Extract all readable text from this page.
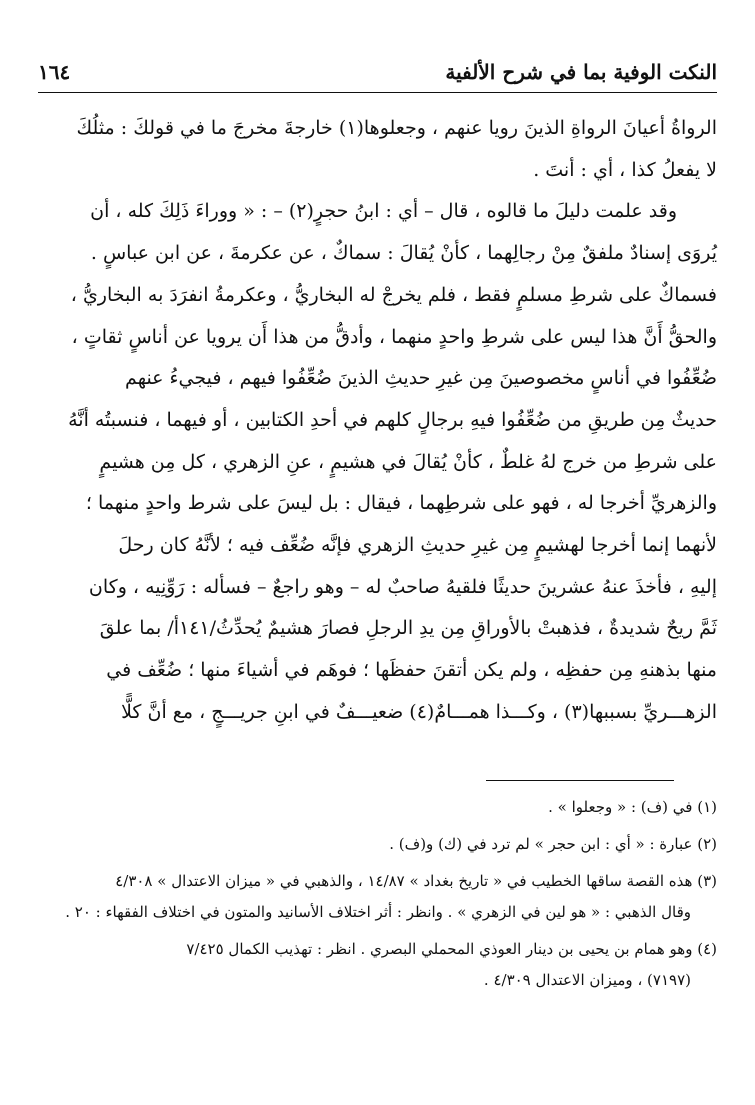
النكت الوفية بما في شرح الألفية
١٦٤

الرواةُ أعيانَ الرواةِ الذينَ رويا عنهم ، وجعلوها(١) خارجةَ مخرجَ ما في قولكَ : مثلُكَ

لا يفعلُ كذا ، أي : أنتَ .

وقد علمت دليلَ ما قالوه ، قال – أي : ابنُ حجرٍ(٢) – : « ووراءَ ذَلِكَ كله ، أن

يُروَى إسنادٌ ملفقٌ مِنْ رجالِهما ، كأنْ يُقالَ : سماكٌ ، عن عكرمةَ ، عن ابن عباسٍ .

فسماكٌ على شرطِ مسلمٍ فقط ، فلم يخرجْ له البخاريُّ ، وعكرمةُ انفرَدَ به البخاريُّ ،

والحقُّ أَنَّ هذا ليس على شرطِ واحدٍ منهما ، وأدقُّ من هذا أَن يرويا عن أناسٍ ثقاتٍ ،

ضُعِّفُوا في أناسٍ مخصوصينَ مِن غيرِ حديثِ الذينَ ضُعِّفُوا فيهم ، فيجيءُ عنهم

حديثٌ مِن طريقِ من ضُعِّفُوا فيهِ برجالٍ كلهم في أحدِ الكتابين ، أو فيهما ، فنسبتُه أنَّهُ

على شرطِ من خرج لهُ غلطٌ ، كأنْ يُقالَ في هشيمٍ ، عنِ الزهري ، كل مِن هشيمٍ

والزهريِّ أخرجا له ، فهو على شرطِهما ، فيقال : بل ليسَ على شرط واحدٍ منهما ؛

لأنهما إنما أخرجا لهشيمٍ مِن غيرِ حديثِ الزهري فإنَّه ضُعِّف فيه ؛ لأنَّهُ كان رحلَ

إليهِ ، فأخذَ عنهُ عشرينَ حديثًا فلقيهُ صاحبٌ له – وهو راجعٌ – فسأله : رَوِّنِيه ، وكان

ثَمَّ ريحٌ شديدةٌ ، فذهبتْ بالأوراقِ مِن يدِ الرجلِ فصارَ هشيمٌ يُحدِّثُ/١٤١أ/ بما علقَ

منها بذهنهِ مِن حفظِه ، ولم يكن أتقنَ حفظَها ؛ فوهَم في أشياءَ منها ؛ ضُعِّف في

الزهـــريِّ بسببها(٣) ، وكـــذا همـــامٌ(٤) ضعيـــفٌ في ابنِ جريـــجٍ ، مع أنَّ كلًّا

(١) في (ف) : « وجعلوا » .
(٢) عبارة : « أي : ابن حجر » لم ترد في (ك) و(ف) .
(٣) هذه القصة ساقها الخطيب في « تاريخ بغداد » ١٤/٨٧ ، والذهبي في « ميزان الاعتدال » ٤/٣٠٨
وقال الذهبي : « هو لين في الزهري » . وانظر : أثر اختلاف الأسانيد والمتون في اختلاف الفقهاء : ٢٠ .
(٤) وهو همام بن يحيى بن دينار العوذي المحملي البصري . انظر : تهذيب الكمال ٧/٤٢٥
(٧١٩٧) ، وميزان الاعتدال ٤/٣٠٩ .
